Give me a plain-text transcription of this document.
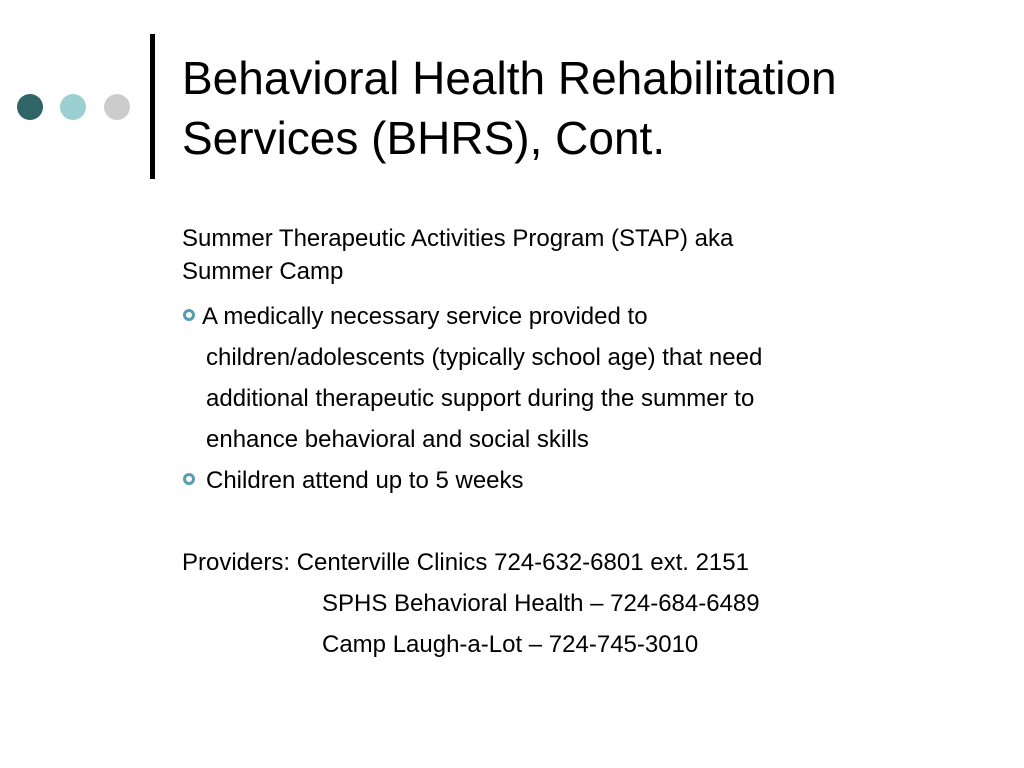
Behavioral Health Rehabilitation
Services (BHRS), Cont.

Summer Therapeutic Activities Program (STAP) aka

Summer Camp

A medically necessary service provided to
children/adolescents (typically school age) that need
additional therapeutic support during the summer to
enhance behavioral and social skills
Children attend up to 5 weeks
Providers: Centerville Clinics 724-632-6801 ext. 2151
SPHS Behavioral Health – 724-684-6489
Camp Laugh-a-Lot – 724-745-3010
